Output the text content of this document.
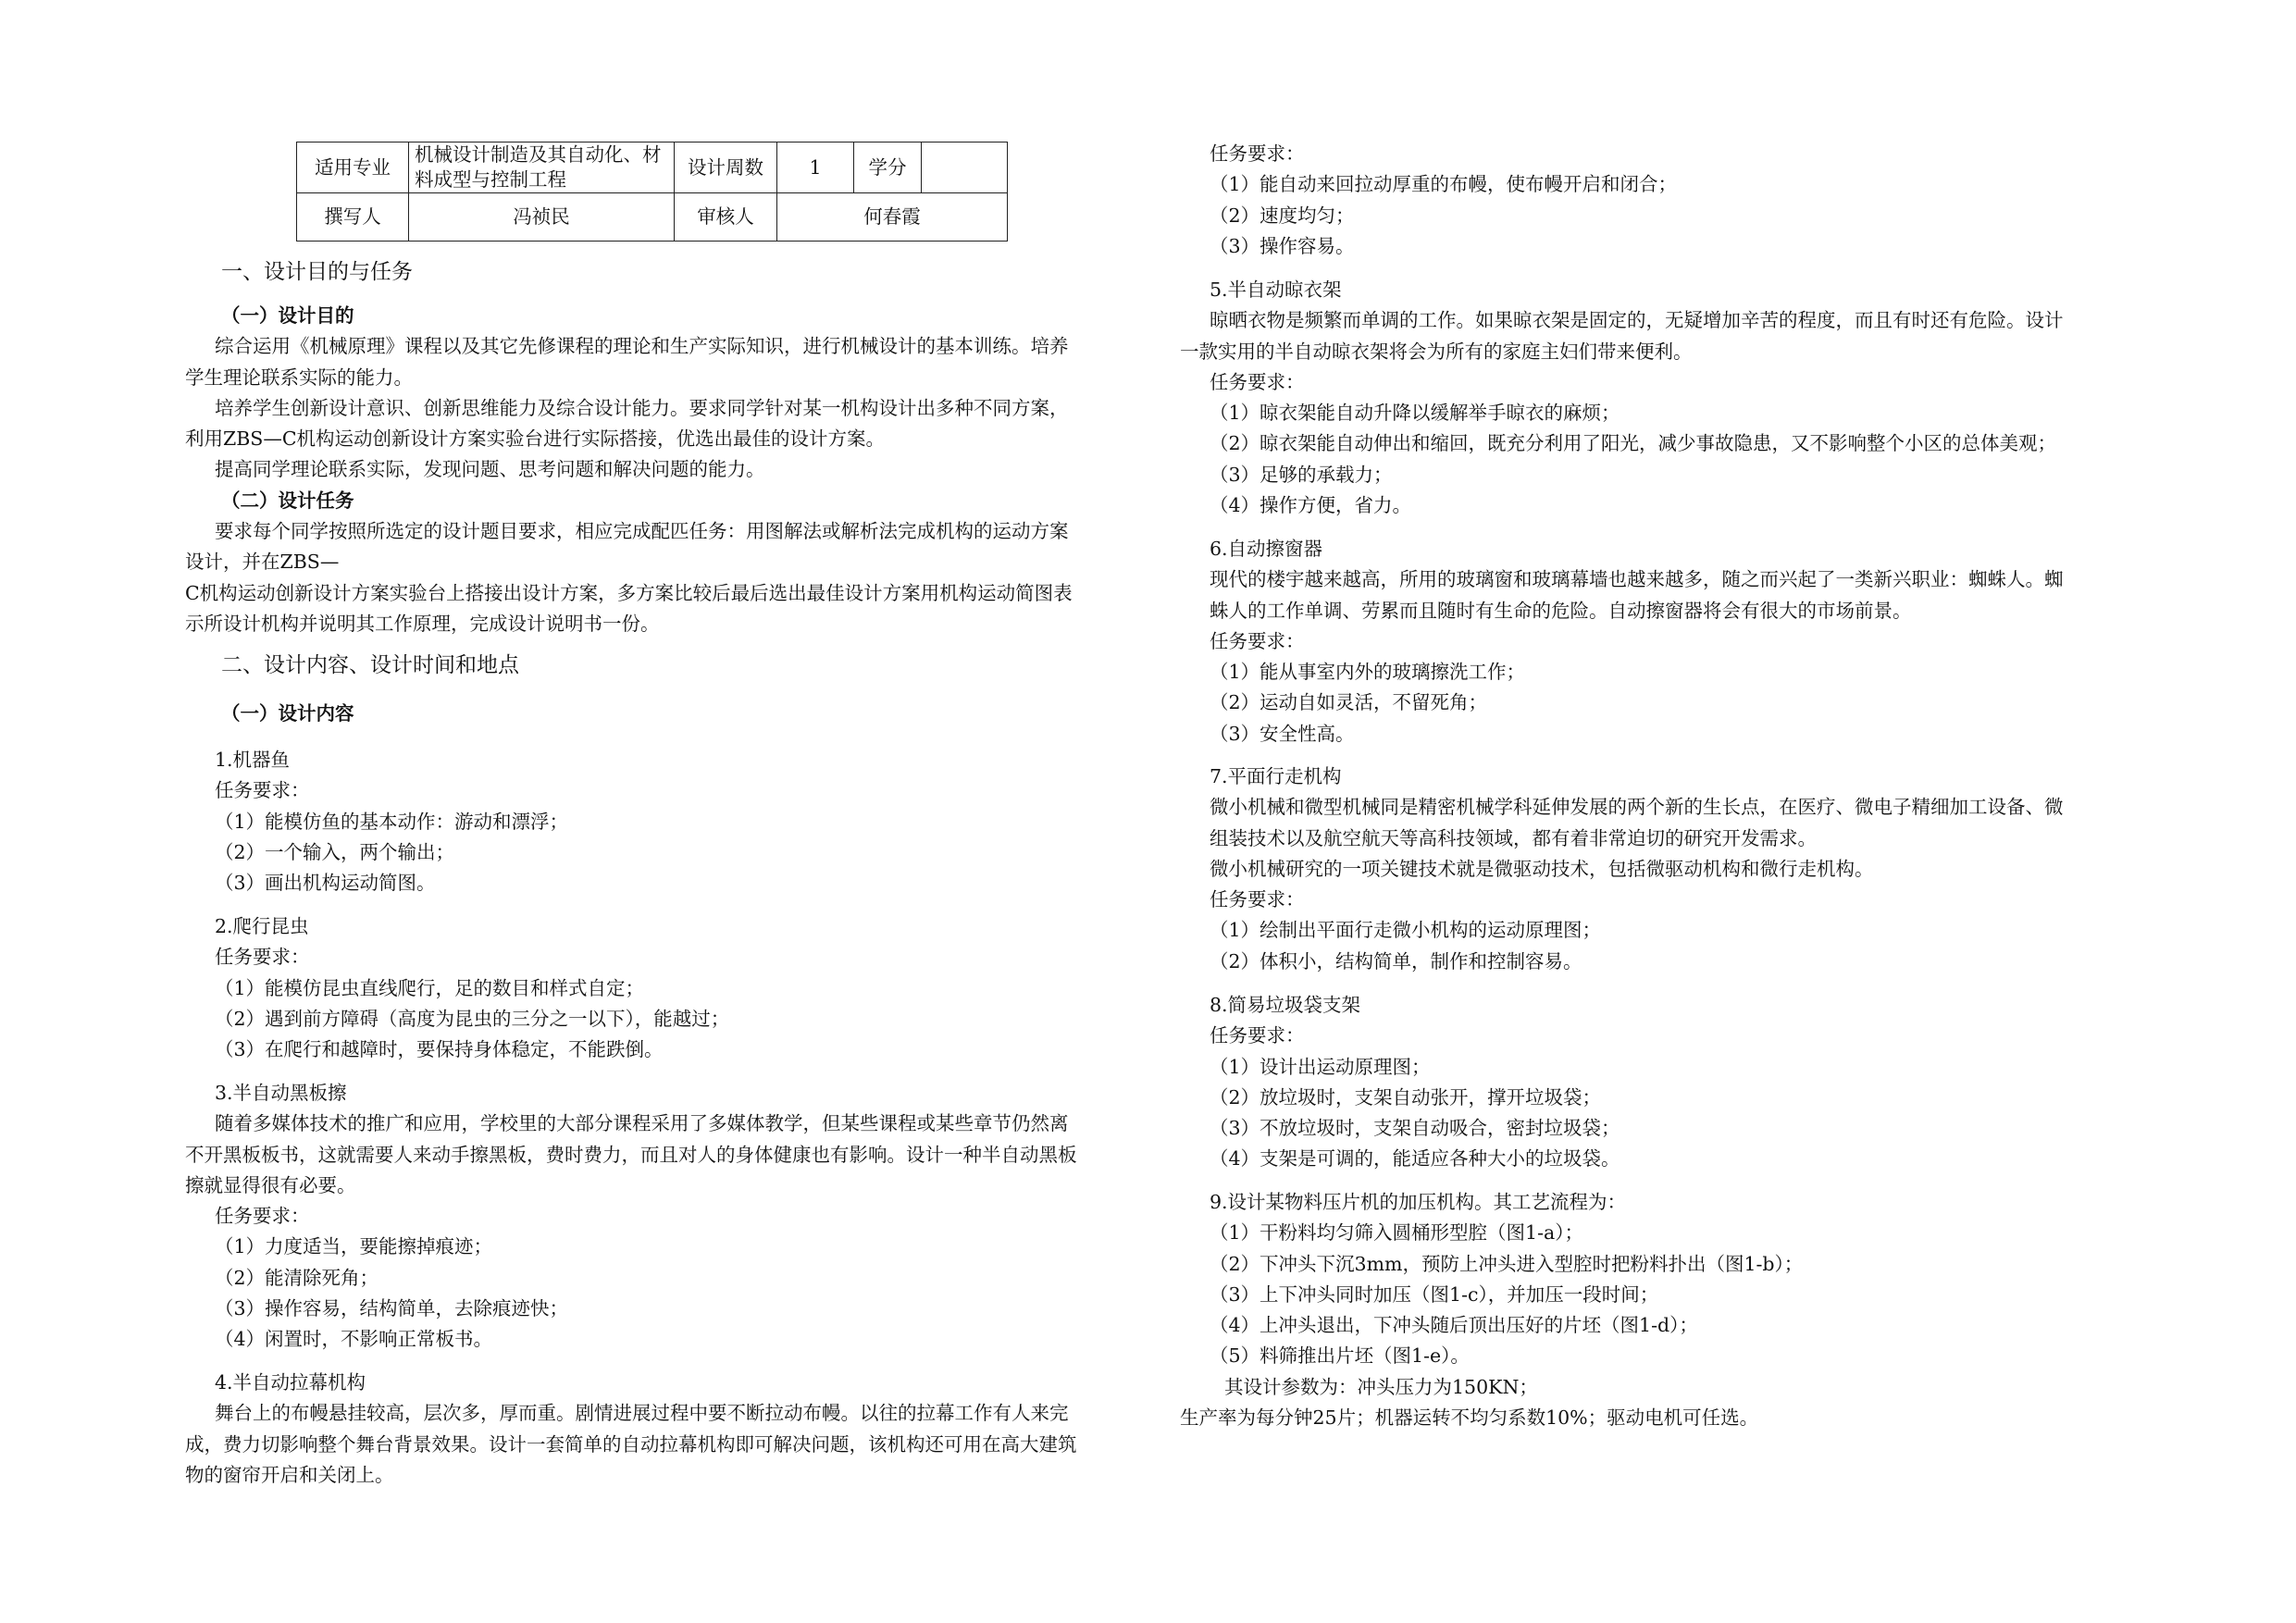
适用专业	机械设计制造及其自动化、材料成型与控制工程	设计周数	1	学分	
撰写人	冯祯民	审核人	何春霞		
一、设计目的与任务
（一）设计目的
综合运用《机械原理》课程以及其它先修课程的理论和生产实际知识，进行机械设计的基本训练。培养
学生理论联系实际的能力。
培养学生创新设计意识、创新思维能力及综合设计能力。要求同学针对某一机构设计出多种不同方案，
利用ZBS—C机构运动创新设计方案实验台进行实际搭接，优选出最佳的设计方案。
提高同学理论联系实际，发现问题、思考问题和解决问题的能力。
（二）设计任务
要求每个同学按照所选定的设计题目要求，相应完成配匹任务：用图解法或解析法完成机构的运动方案
设计，并在ZBS—
C机构运动创新设计方案实验台上搭接出设计方案，多方案比较后最后选出最佳设计方案用机构运动简图表
示所设计机构并说明其工作原理，完成设计说明书一份。
二、设计内容、设计时间和地点
（一）设计内容
1.机器鱼
任务要求：
（1）能模仿鱼的基本动作：游动和漂浮；
（2）一个输入，两个输出；
（3）画出机构运动简图。
2.爬行昆虫
任务要求：
（1）能模仿昆虫直线爬行，足的数目和样式自定；
（2）遇到前方障碍（高度为昆虫的三分之一以下），能越过；
（3）在爬行和越障时，要保持身体稳定，不能跌倒。
3.半自动黑板擦
随着多媒体技术的推广和应用，学校里的大部分课程采用了多媒体教学，但某些课程或某些章节仍然离
不开黑板板书，这就需要人来动手擦黑板，费时费力，而且对人的身体健康也有影响。设计一种半自动黑板
擦就显得很有必要。
任务要求：
（1）力度适当，要能擦掉痕迹；
（2）能清除死角；
（3）操作容易，结构简单，去除痕迹快；
（4）闲置时，不影响正常板书。
4.半自动拉幕机构
舞台上的布幔悬挂较高，层次多，厚而重。剧情进展过程中要不断拉动布幔。以往的拉幕工作有人来完
成，费力切影响整个舞台背景效果。设计一套简单的自动拉幕机构即可解决问题，该机构还可用在高大建筑
物的窗帘开启和关闭上。
任务要求：
（1）能自动来回拉动厚重的布幔，使布幔开启和闭合；
（2）速度均匀；
（3）操作容易。
5.半自动晾衣架
晾晒衣物是频繁而单调的工作。如果晾衣架是固定的，无疑增加辛苦的程度，而且有时还有危险。设计
一款实用的半自动晾衣架将会为所有的家庭主妇们带来便利。
任务要求：
（1）晾衣架能自动升降以缓解举手晾衣的麻烦；
（2）晾衣架能自动伸出和缩回，既充分利用了阳光，减少事故隐患，又不影响整个小区的总体美观；
（3）足够的承载力；
（4）操作方便，省力。
6.自动擦窗器
现代的楼宇越来越高，所用的玻璃窗和玻璃幕墙也越来越多，随之而兴起了一类新兴职业：蜘蛛人。蜘
蛛人的工作单调、劳累而且随时有生命的危险。自动擦窗器将会有很大的市场前景。
任务要求：
（1）能从事室内外的玻璃擦洗工作；
（2）运动自如灵活，不留死角；
（3）安全性高。
7.平面行走机构
微小机械和微型机械同是精密机械学科延伸发展的两个新的生长点，在医疗、微电子精细加工设备、微
组装技术以及航空航天等高科技领域，都有着非常迫切的研究开发需求。
微小机械研究的一项关键技术就是微驱动技术，包括微驱动机构和微行走机构。
任务要求：
（1）绘制出平面行走微小机构的运动原理图；
（2）体积小，结构简单，制作和控制容易。
8.简易垃圾袋支架
任务要求：
（1）设计出运动原理图；
（2）放垃圾时，支架自动张开，撑开垃圾袋；
（3）不放垃圾时，支架自动吸合，密封垃圾袋；
（4）支架是可调的，能适应各种大小的垃圾袋。
9.设计某物料压片机的加压机构。其工艺流程为：
（1）干粉料均匀筛入圆桶形型腔（图1-a）；
（2）下冲头下沉3mm，预防上冲头进入型腔时把粉料扑出（图1-b）；
（3）上下冲头同时加压（图1-c），并加压一段时间；
（4）上冲头退出，下冲头随后顶出压好的片坯（图1-d）；
（5）料筛推出片坯（图1-e）。
其设计参数为：冲头压力为150KN；
生产率为每分钟25片；机器运转不均匀系数10%；驱动电机可任选。
